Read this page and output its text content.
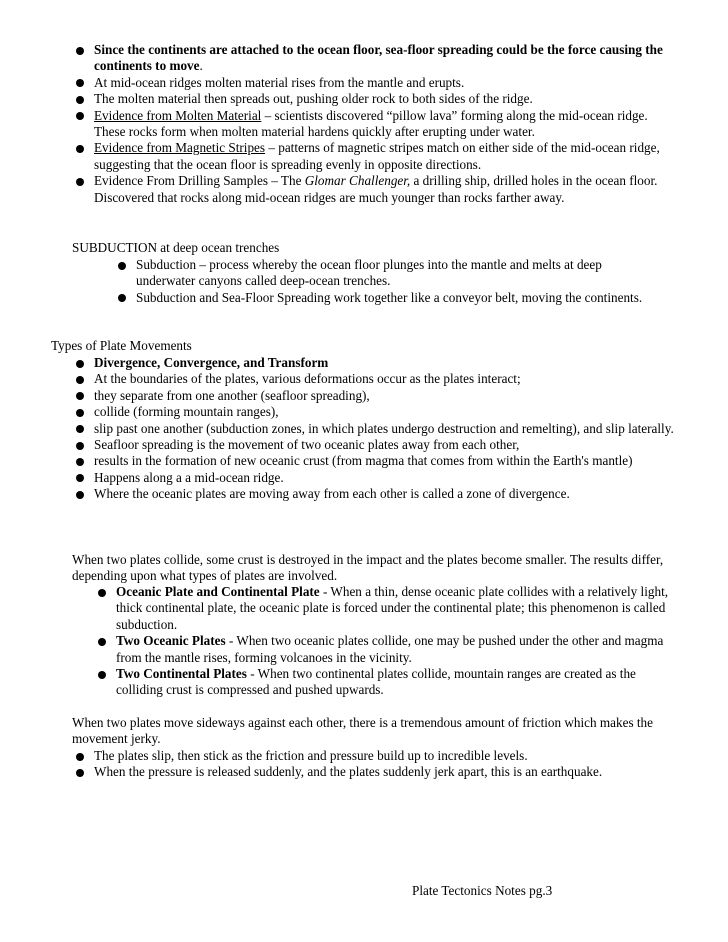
Since the continents are attached to the ocean floor, sea-floor spreading could be the force causing the continents to move.
At mid-ocean ridges molten material rises from the mantle and erupts.
The molten material then spreads out, pushing older rock to both sides of the ridge.
Evidence from Molten Material – scientists discovered “pillow lava” forming along the mid-ocean ridge. These rocks form when molten material hardens quickly after erupting under water.
Evidence from Magnetic Stripes – patterns of magnetic stripes match on either side of the mid-ocean ridge, suggesting that the ocean floor is spreading evenly in opposite directions.
Evidence From Drilling Samples – The Glomar Challenger, a drilling ship, drilled holes in the ocean floor. Discovered that rocks along mid-ocean ridges are much younger than rocks farther away.

SUBDUCTION at deep ocean trenches

Subduction – process whereby the ocean floor plunges into the mantle and melts at deep underwater canyons called deep-ocean trenches.
Subduction and Sea-Floor Spreading work together like a conveyor belt, moving the continents.

Types of Plate Movements

Divergence, Convergence, and Transform
At the boundaries of the plates, various deformations occur as the plates interact;
they separate from one another (seafloor spreading),
collide (forming mountain ranges),
slip past one another (subduction zones, in which plates undergo destruction and remelting), and slip laterally.
Seafloor spreading is the movement of two oceanic plates away from each other,
results in the formation of new oceanic crust (from magma that comes from within the Earth's mantle)
Happens along a a mid-ocean ridge.
Where the oceanic plates are moving away from each other is called a zone of divergence.

When two plates collide, some crust is destroyed in the impact and the plates become smaller. The results differ, depending upon what types of plates are involved.

Oceanic Plate and Continental Plate - When a thin, dense oceanic plate collides with a relatively light, thick continental plate, the oceanic plate is forced under the continental plate; this phenomenon is called subduction.
Two Oceanic Plates - When two oceanic plates collide, one may be pushed under the other and magma from the mantle rises, forming volcanoes in the vicinity.
Two Continental Plates - When two continental plates collide, mountain ranges are created as the colliding crust is compressed and pushed upwards.

When two plates move sideways against each other, there is a tremendous amount of friction which makes the movement jerky.

The plates slip, then stick as the friction and pressure build up to incredible levels.
When the pressure is released suddenly, and the plates suddenly jerk apart, this is an earthquake.

Plate Tectonics Notes pg.3
